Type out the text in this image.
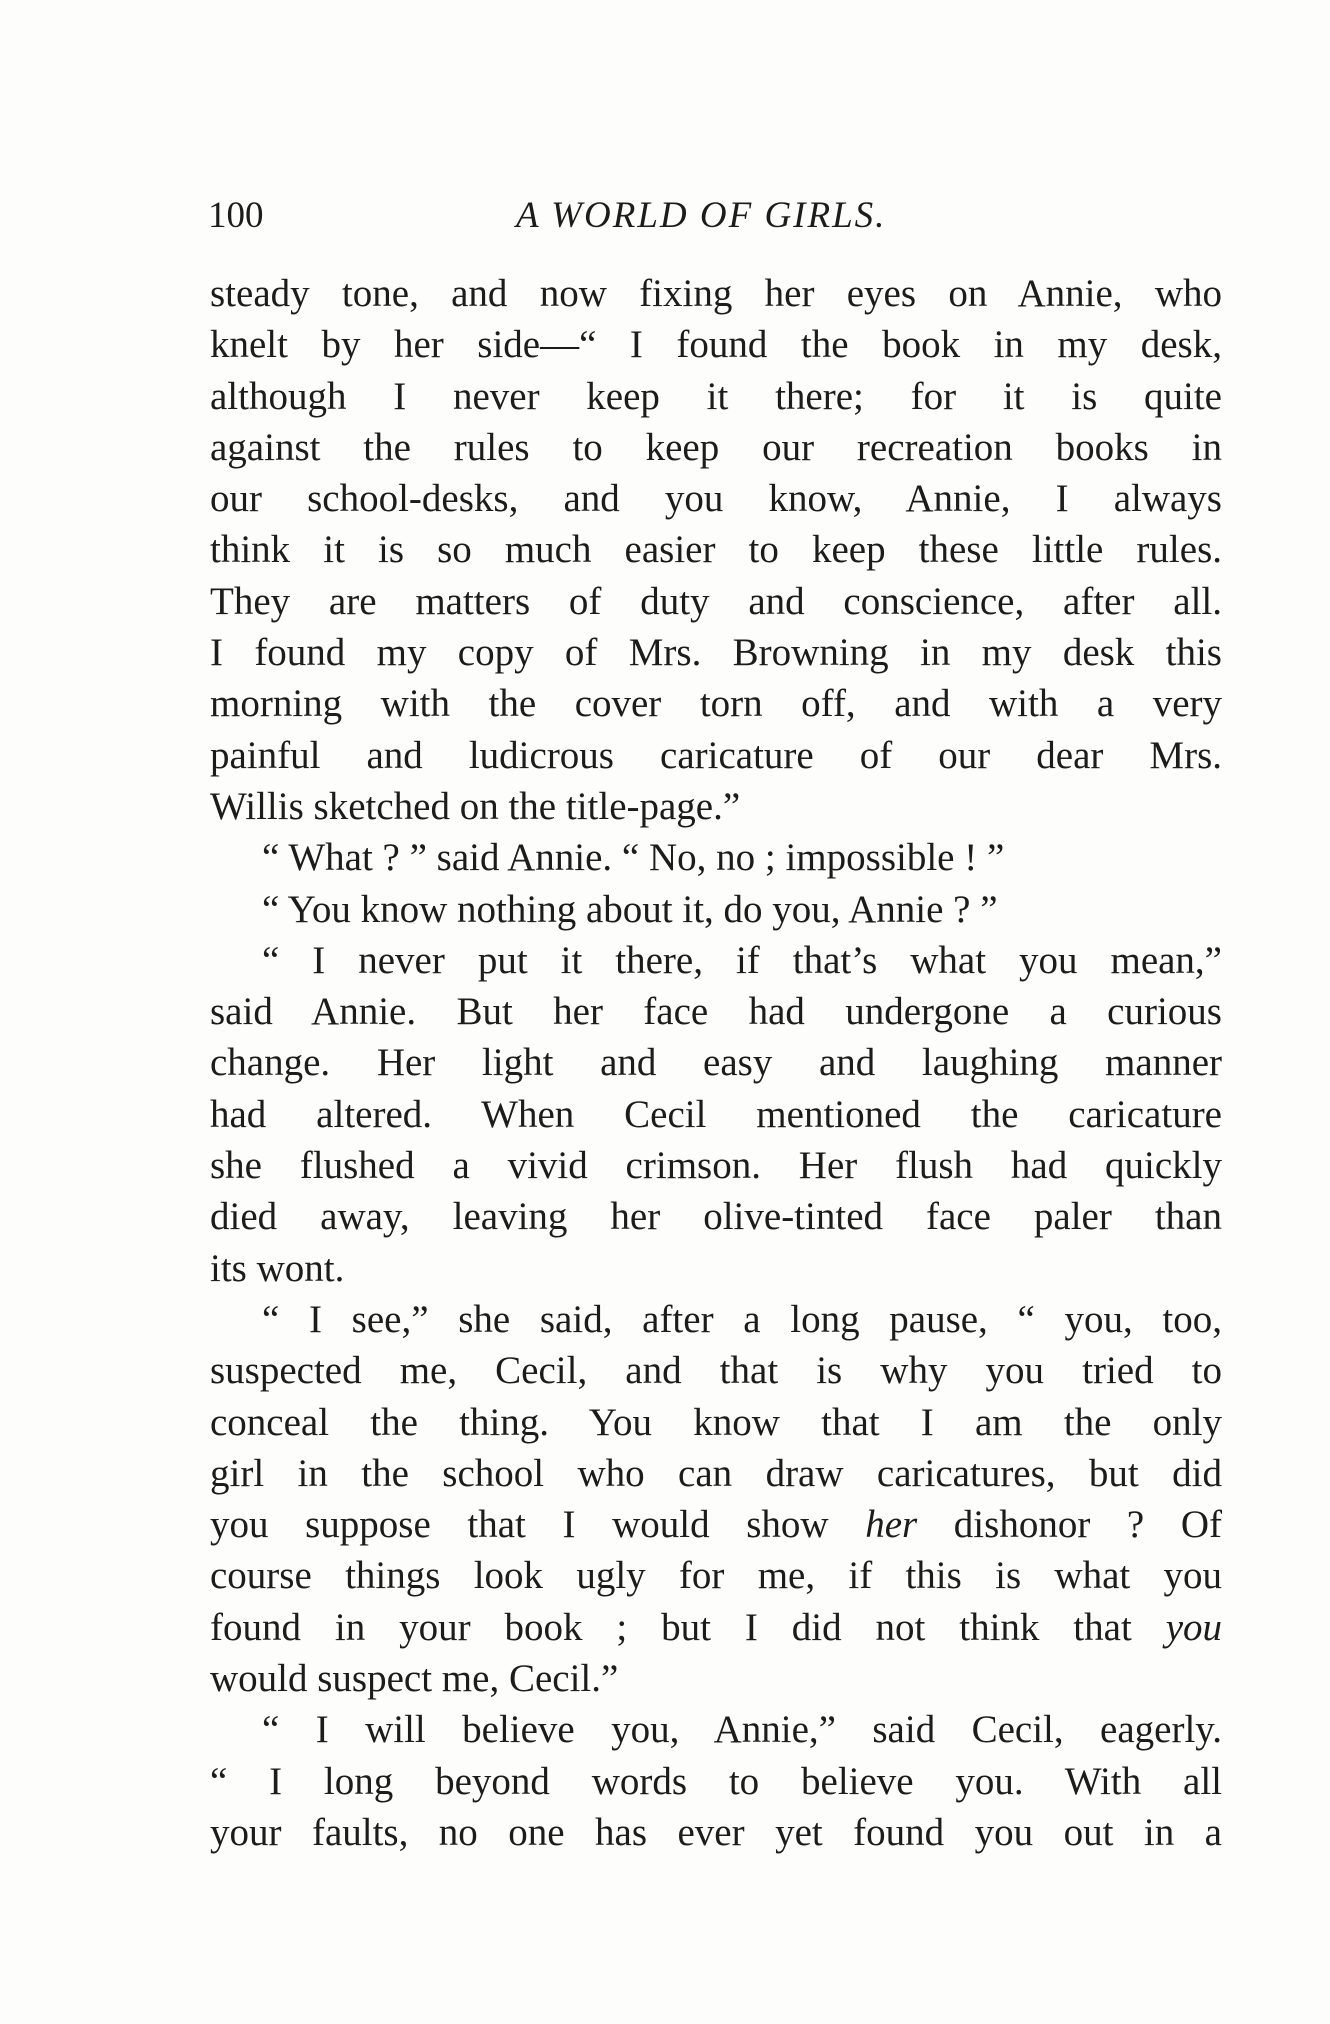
100	A WORLD OF GIRLS.
steady tone, and now fixing her eyes on Annie, who
knelt by her side—“ I found the book in my desk,
although I never keep it there; for it is quite
against the rules to keep our recreation books in
our school-desks, and you know, Annie, I always
think it is so much easier to keep these little rules.
They are matters of duty and conscience, after all.
I found my copy of Mrs. Browning in my desk this
morning with the cover torn off, and with a very
painful and ludicrous caricature of our dear Mrs.
Willis sketched on the title-page.”
“ What ? ” said Annie. “ No, no ; impossible ! ”
“ You know nothing about it, do you, Annie ? ”
“ I never put it there, if that’s what you mean,”
said Annie. But her face had undergone a curious
change. Her light and easy and laughing manner
had altered. When Cecil mentioned the caricature
she flushed a vivid crimson. Her flush had quickly
died away, leaving her olive-tinted face paler than
its wont.
“ I see,” she said, after a long pause, “ you, too,
suspected me, Cecil, and that is why you tried to
conceal the thing. You know that I am the only
girl in the school who can draw caricatures, but did
you suppose that I would show her dishonor ? Of
course things look ugly for me, if this is what you
found in your book ; but I did not think that you
would suspect me, Cecil.”
“ I will believe you, Annie,” said Cecil, eagerly.
“ I long beyond words to believe you. With all
your faults, no one has ever yet found you out in a
